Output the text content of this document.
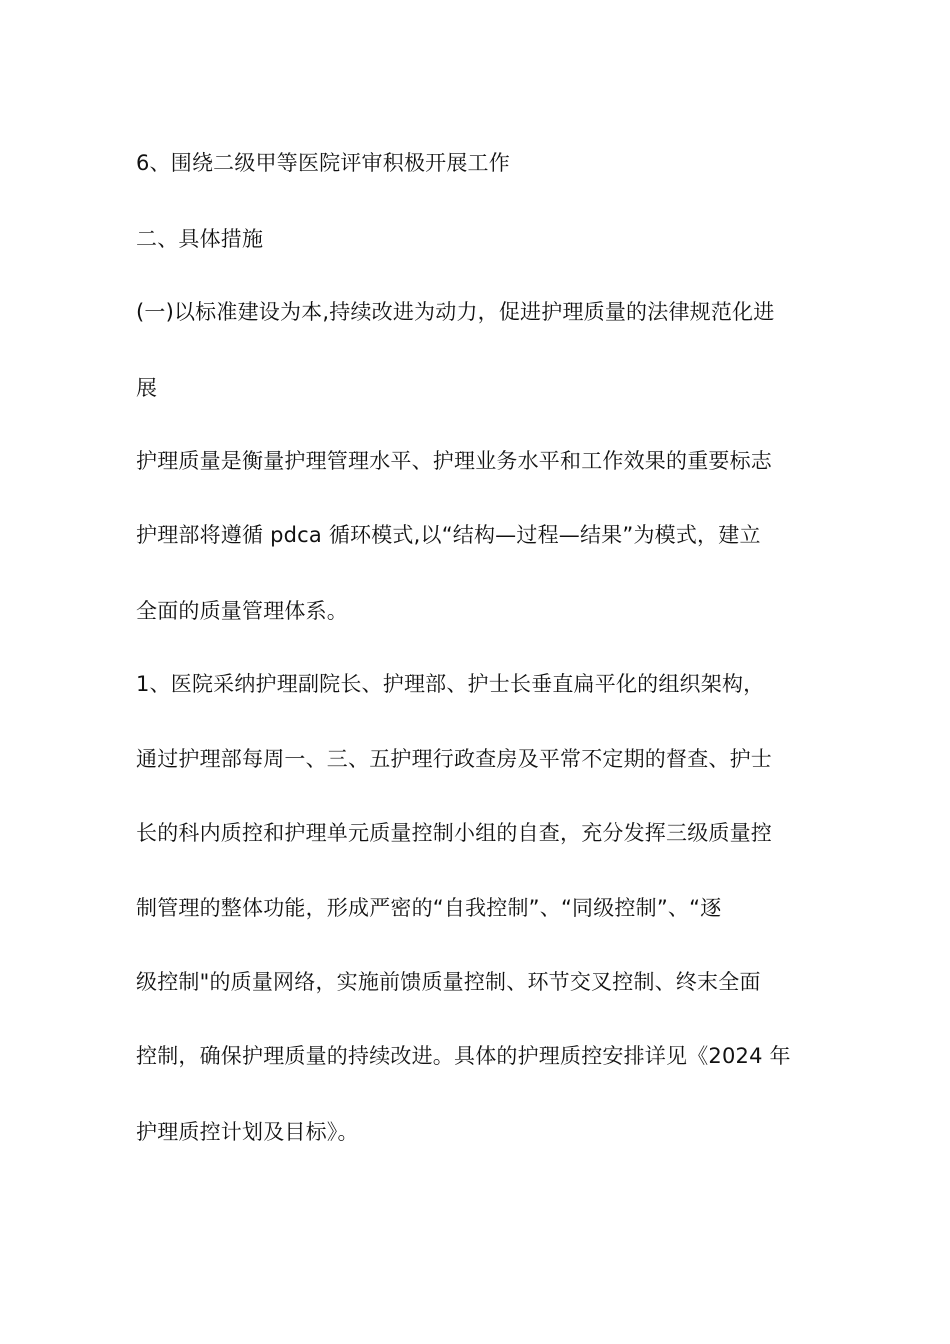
6、围绕二级甲等医院评审积极开展工作
二、具体措施
(一)以标准建设为本,持续改进为动力，促进护理质量的法律规范化进
展
护理质量是衡量护理管理水平、护理业务水平和工作效果的重要标志
护理部将遵循 pdca 循环模式,以“结构—过程—结果”为模式，建立
全面的质量管理体系。
1、医院采纳护理副院长、护理部、护士长垂直扁平化的组织架构，
通过护理部每周一、三、五护理行政查房及平常不定期的督查、护士
长的科内质控和护理单元质量控制小组的自查，充分发挥三级质量控
制管理的整体功能，形成严密的“自我控制”、“同级控制”、“逐
级控制"的质量网络，实施前馈质量控制、环节交叉控制、终末全面
控制，确保护理质量的持续改进。具体的护理质控安排详见《2024 年
护理质控计划及目标》。
